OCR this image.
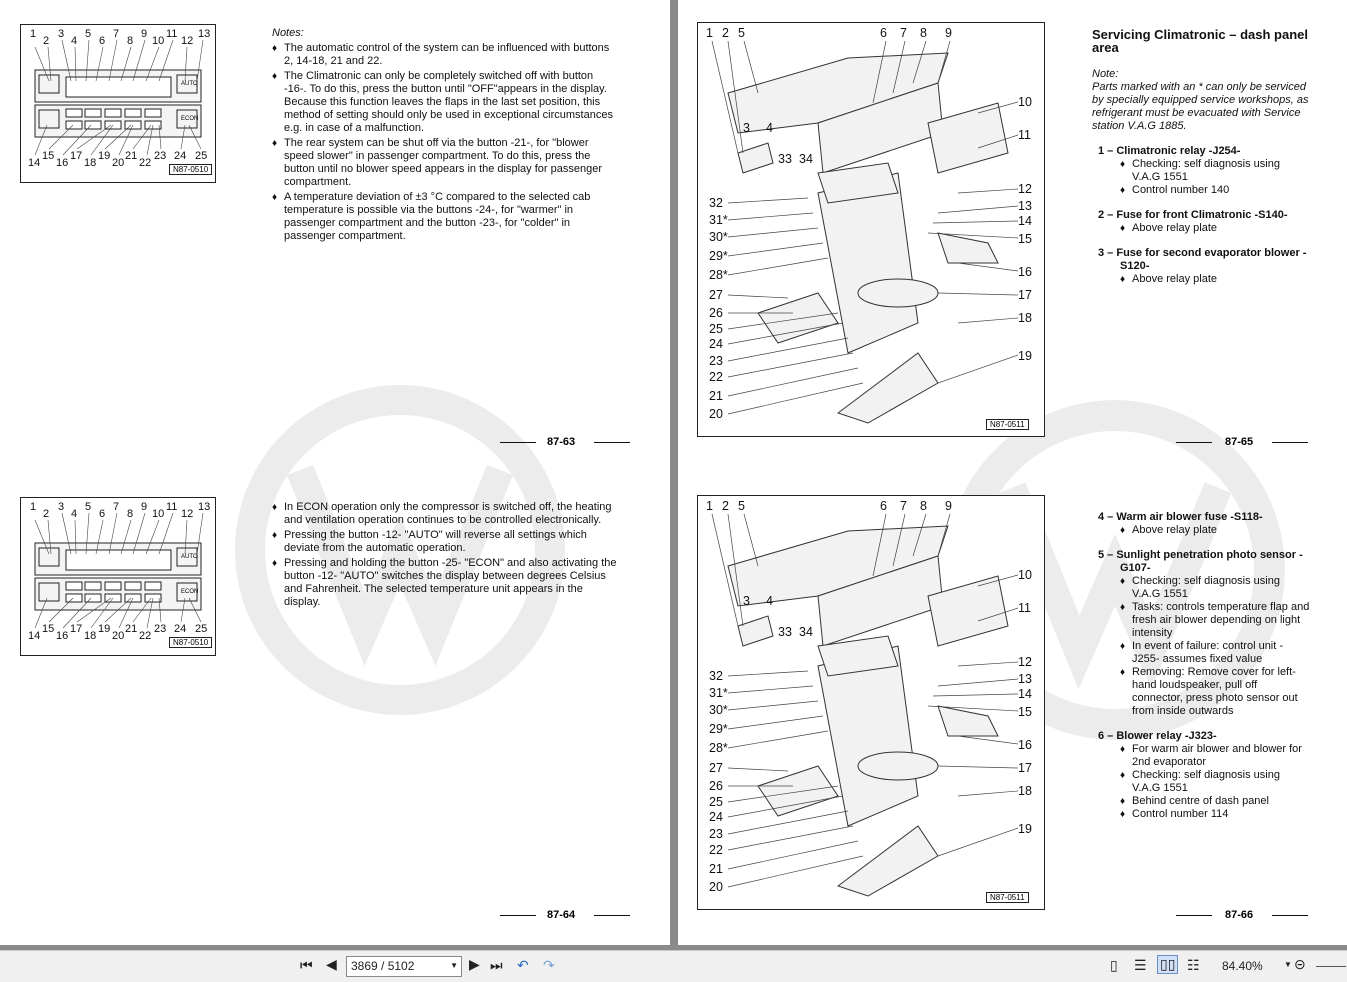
1
2
3
4
5
6
7
8
9
10
11
12
13
14
15
16
17
18
19
20
21
22
23 24 25
AUTO
ECON
N87-0510
Notes:
♦ The automatic control of the system can be influenced with buttons 2, 14-18, 21 and 22.
♦ The Climatronic can only be completely switched off with button -16-. To do this, press the button until "OFF"appears in the display. Because this function leaves the flaps in the last set position, this method of setting should only be used in exceptional circumstances e.g. in case of a malfunction.
♦ The rear system can be shut off via the button -21-, for "blower speed slower" in passenger compartment. To do this, press the button until no blower speed appears in the display for passenger compartment.
♦ A temperature deviation of ±3 °C compared to the selected cab temperature is possible via the buttons -24-, for "warmer" in passenger compartment and the button -23-, for "colder" in passenger compartment.
87-63
1
2
3
4
5
6
7
8
9
10
11
12
13
14
15
16
17
18
19
20
21
22
23 24 25
AUTO
ECON
N87-0510
♦ In ECON operation only the compressor is switched off, the heating and ventilation operation continues to be controlled electronically.
♦ Pressing the button -12- "AUTO" will reverse all settings which deviate from the automatic operation.
♦ Pressing and holding the button -25- "ECON" and also activating the button -12- "AUTO" switches the display between degrees Celsius and Fahrenheit. The selected temperature unit appears in the display.
87-64
1 2 5	6 7 8 9
3 4
33 34
10
11
12
13
14
15
16
17
18
19
32
31*
30*
29*
28*
27
26
25
24
23
22
21
20
N87-0511
Servicing Climatronic – dash panel area
Note:
Parts marked with an * can only be serviced by specially equipped service workshops, as refrigerant must be evacuated with Service station V.A.G 1885.
1 – Climatronic relay -J254-
♦ Checking: self diagnosis using V.A.G 1551
♦ Control number 140
2 – Fuse for front Climatronic -S140-
♦ Above relay plate
3 – Fuse for second evaporator blower -S120-
♦ Above relay plate
87-65
1 2 5	6 7 8 9
3 4
33 34
10
11
12
13
14
15
16
17
18
19
32
31*
30*
29*
28*
27
26
25
24
23
22
21
20
N87-0511
4 – Warm air blower fuse -S118-
♦ Above relay plate
5 – Sunlight penetration photo sensor -G107-
♦ Checking: self diagnosis using V.A.G 1551
♦ Tasks: controls temperature flap and fresh air blower depending on light intensity
♦ In event of failure: control unit -J255- assumes fixed value
♦ Removing: Remove cover for left-hand loudspeaker, pull off connector, press photo sensor out from inside outwards
6 – Blower relay -J323-
♦ For warm air blower and blower for 2nd evaporator
♦ Checking: self diagnosis using V.A.G 1551
♦ Behind centre of dash panel
♦ Control number 114
87-66
⏮ ◀ 3869 / 5102	▼ ▶ ⏭ ↶ ↷	▯ ☰ ▯▯ ☷ 84.40%	▼ ⊝
